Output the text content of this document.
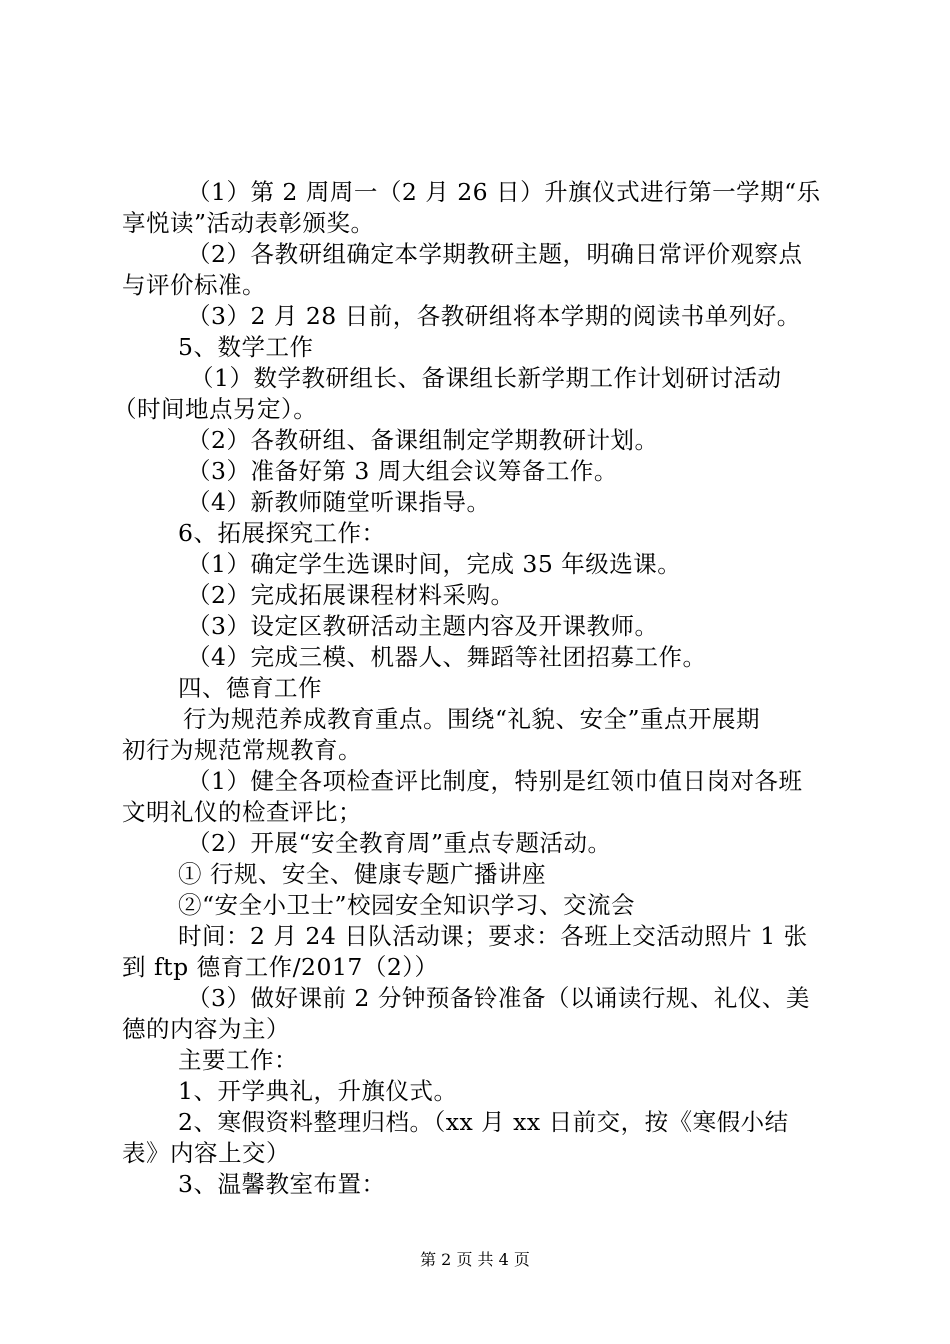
（1）第 2 周周一（2 月 26 日）升旗仪式进行第一学期“乐
享悦读”活动表彰颁奖。
（2）各教研组确定本学期教研主题，明确日常评价观察点
与评价标准。
（3）2 月 28 日前，各教研组将本学期的阅读书单列好。
5、数学工作
（1）数学教研组长、备课组长新学期工作计划研讨活动
（时间地点另定）。
（2）各教研组、备课组制定学期教研计划。
（3）准备好第 3 周大组会议筹备工作。
（4）新教师随堂听课指导。
6、拓展探究工作：
（1）确定学生选课时间，完成 35 年级选课。
（2）完成拓展课程材料采购。
（3）设定区教研活动主题内容及开课教师。
（4）完成三模、机器人、舞蹈等社团招募工作。
四、德育工作
行为规范养成教育重点。围绕“礼貌、安全”重点开展期
初行为规范常规教育。
（1）健全各项检查评比制度，特别是红领巾值日岗对各班
文明礼仪的检查评比；
（2）开展“安全教育周”重点专题活动。
① 行规、安全、健康专题广播讲座
②“安全小卫士”校园安全知识学习、交流会
时间：2 月 24 日队活动课；要求：各班上交活动照片 1 张
到 ftp 德育工作/2017（2））
（3）做好课前 2 分钟预备铃准备（以诵读行规、礼仪、美
德的内容为主）
主要工作：
1、开学典礼，升旗仪式。
2、寒假资料整理归档。（xx 月 xx 日前交，按《寒假小结
表》内容上交）
3、温馨教室布置：
第 2 页 共 4 页
